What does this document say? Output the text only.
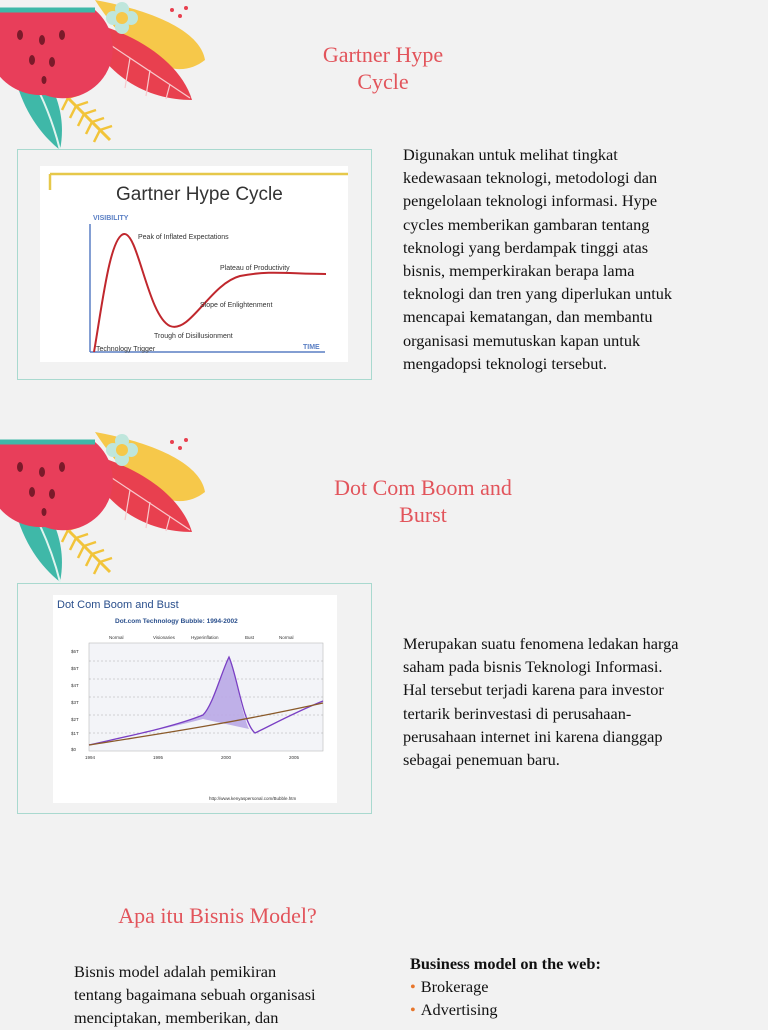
Gartner Hype
Cycle
Gartner Hype Cycle
VISIBILITY
TIME
Technology Trigger
Peak of Inflated Expectations
Trough of Disillusionment
Slope of Enlightenment
Plateau of Productivity
Digunakan untuk melihat tingkat
kedewasaan teknologi, metodologi dan
pengelolaan teknologi informasi. Hype
cycles memberikan gambaran tentang
teknologi yang berdampak tinggi atas
bisnis, memperkirakan berapa lama
teknologi dan tren yang diperlukan untuk
mencapai kematangan, dan membantu
organisasi memutuskan kapan untuk
mengadopsi teknologi tersebut.
Dot Com Boom and
Burst
Dot Com Boom and Bust
Dot.com Technology Bubble: 1994-2002
Normal	Visionaries	Hyperinflation	Bust	Normal
$6T
$5T
$4T
$3T
$2T
$1T
$0
1994	1995	2000	2005
http://www.kenyaspersonal.com/Bubble.htm
Merupakan suatu fenomena ledakan harga
saham pada bisnis Teknologi Informasi.
Hal tersebut terjadi karena para investor
tertarik berinvestasi di perusahaan-
perusahaan internet ini karena dianggap
sebagai penemuan baru.
Apa itu Bisnis Model?
Bisnis model adalah pemikiran
tentang bagaimana sebuah organisasi
menciptakan, memberikan, dan
Business model on the web:
• Brokerage
• Advertising
